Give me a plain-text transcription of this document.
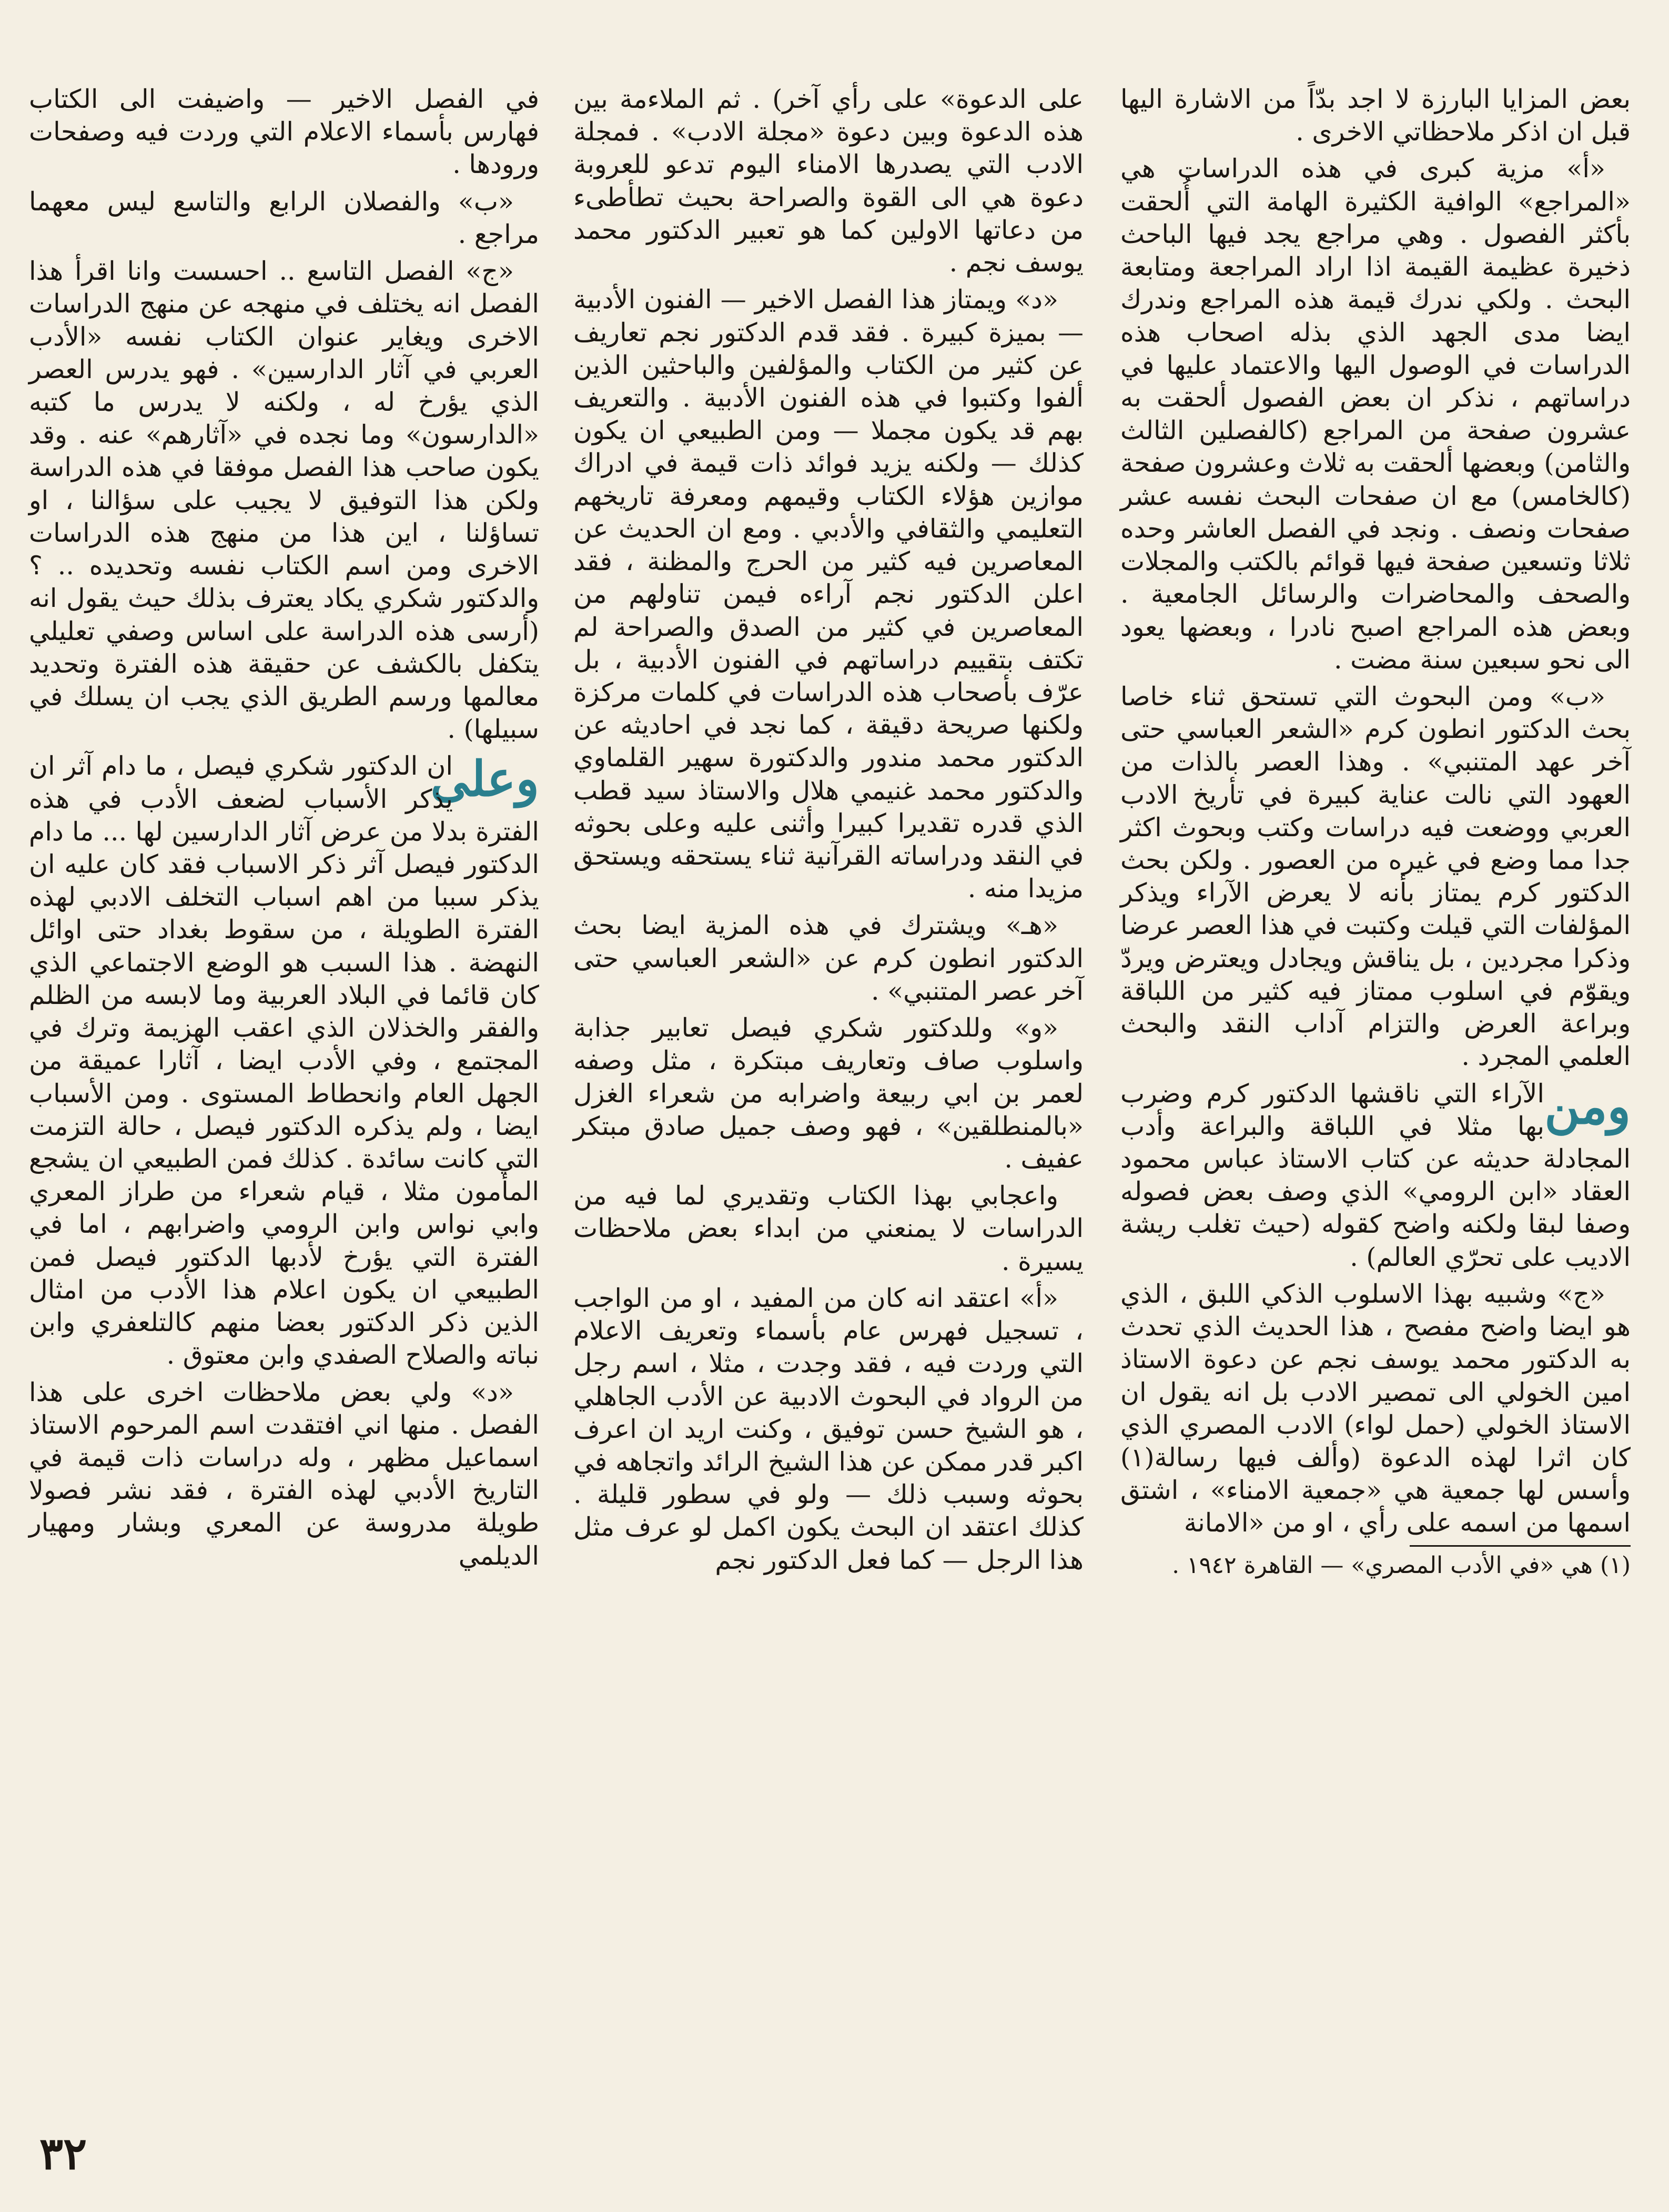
بعض المزايا البارزة لا اجد بدّاً من الاشارة اليها قبل ان اذكر ملاحظاتي الاخرى .

«أ» مزية كبرى في هذه الدراسات هي «المراجع» الوافية الكثيرة الهامة التي أُلحقت بأكثر الفصول . وهي مراجع يجد فيها الباحث ذخيرة عظيمة القيمة اذا اراد المراجعة ومتابعة البحث . ولكي ندرك قيمة هذه المراجع وندرك ايضا مدى الجهد الذي بذله اصحاب هذه الدراسات في الوصول اليها والاعتماد عليها في دراساتهم ، نذكر ان بعض الفصول ألحقت به عشرون صفحة من المراجع (كالفصلين الثالث والثامن) وبعضها ألحقت به ثلاث وعشرون صفحة (كالخامس) مع ان صفحات البحث نفسه عشر صفحات ونصف . ونجد في الفصل العاشر وحده ثلاثا وتسعين صفحة فيها قوائم بالكتب والمجلات والصحف والمحاضرات والرسائل الجامعية . وبعض هذه المراجع اصبح نادرا ، وبعضها يعود الى نحو سبعين سنة مضت .

«ب» ومن البحوث التي تستحق ثناء خاصا بحث الدكتور انطون كرم «الشعر العباسي حتى آخر عهد المتنبي» . وهذا العصر بالذات من العهود التي نالت عناية كبيرة في تأريخ الادب العربي ووضعت فيه دراسات وكتب وبحوث اكثر جدا مما وضع في غيره من العصور . ولكن بحث الدكتور كرم يمتاز بأنه لا يعرض الآراء ويذكر المؤلفات التي قيلت وكتبت في هذا العصر عرضا وذكرا مجردين ، بل يناقش ويجادل ويعترض ويردّ ويقوّم في اسلوب ممتاز فيه كثير من اللباقة وبراعة العرض والتزام آداب النقد والبحث العلمي المجرد .

ومن

الآراء التي ناقشها الدكتور كرم وضرب بها مثلا في اللباقة والبراعة وأدب المجادلة حديثه عن كتاب الاستاذ عباس محمود العقاد «ابن الرومي» الذي وصف بعض فصوله وصفا لبقا ولكنه واضح كقوله (حيث تغلب ريشة الاديب على تحرّي العالم) .

«ج» وشبيه بهذا الاسلوب الذكي اللبق ، الذي هو ايضا واضح مفصح ، هذا الحديث الذي تحدث به الدكتور محمد يوسف نجم عن دعوة الاستاذ امين الخولي الى تمصير الادب بل انه يقول ان الاستاذ الخولي (حمل لواء) الادب المصري الذي كان اثرا لهذه الدعوة (وألف فيها رسالة(١) وأسس لها جمعية هي «جمعية الامناء» ، اشتق اسمها من اسمه على رأي ، او من «الامانة

(١) هي «في الأدب المصري» — القاهرة ١٩٤٢ .

على الدعوة» على رأي آخر) . ثم الملاءمة بين هذه الدعوة وبين دعوة «مجلة الادب» . فمجلة الادب التي يصدرها الامناء اليوم تدعو للعروبة دعوة هي الى القوة والصراحة بحيث تطأطىء من دعاتها الاولين كما هو تعبير الدكتور محمد يوسف نجم .

«د» ويمتاز هذا الفصل الاخير — الفنون الأدبية — بميزة كبيرة . فقد قدم الدكتور نجم تعاريف عن كثير من الكتاب والمؤلفين والباحثين الذين ألفوا وكتبوا في هذه الفنون الأدبية . والتعريف بهم قد يكون مجملا — ومن الطبيعي ان يكون كذلك — ولكنه يزيد فوائد ذات قيمة في ادراك موازين هؤلاء الكتاب وقيمهم ومعرفة تاريخهم التعليمي والثقافي والأدبي . ومع ان الحديث عن المعاصرين فيه كثير من الحرج والمظنة ، فقد اعلن الدكتور نجم آراءه فيمن تناولهم من المعاصرين في كثير من الصدق والصراحة لم تكتف بتقييم دراساتهم في الفنون الأدبية ، بل عرّف بأصحاب هذه الدراسات في كلمات مركزة ولكنها صريحة دقيقة ، كما نجد في احاديثه عن الدكتور محمد مندور والدكتورة سهير القلماوي والدكتور محمد غنيمي هلال والاستاذ سيد قطب الذي قدره تقديرا كبيرا وأثنى عليه وعلى بحوثه في النقد ودراساته القرآنية ثناء يستحقه ويستحق مزيدا منه .

«هـ» ويشترك في هذه المزية ايضا بحث الدكتور انطون كرم عن «الشعر العباسي حتى آخر عصر المتنبي» .

«و» وللدكتور شكري فيصل تعابير جذابة واسلوب صاف وتعاريف مبتكرة ، مثل وصفه لعمر بن ابي ربيعة واضرابه من شعراء الغزل «بالمنطلقين» ، فهو وصف جميل صادق مبتكر عفيف .

واعجابي بهذا الكتاب وتقديري لما فيه من الدراسات لا يمنعني من ابداء بعض ملاحظات يسيرة .

«أ» اعتقد انه كان من المفيد ، او من الواجب ، تسجيل فهرس عام بأسماء وتعريف الاعلام التي وردت فيه ، فقد وجدت ، مثلا ، اسم رجل من الرواد في البحوث الادبية عن الأدب الجاهلي ، هو الشيخ حسن توفيق ، وكنت اريد ان اعرف اكبر قدر ممكن عن هذا الشيخ الرائد واتجاهه في بحوثه وسبب ذلك — ولو في سطور قليلة . كذلك اعتقد ان البحث يكون اكمل لو عرف مثل هذا الرجل — كما فعل الدكتور نجم

في الفصل الاخير — واضيفت الى الكتاب فهارس بأسماء الاعلام التي وردت فيه وصفحات ورودها .

«ب» والفصلان الرابع والتاسع ليس معهما مراجع .

«ج» الفصل التاسع .. احسست وانا اقرأ هذا الفصل انه يختلف في منهجه عن منهج الدراسات الاخرى ويغاير عنوان الكتاب نفسه «الأدب العربي في آثار الدارسين» . فهو يدرس العصر الذي يؤرخ له ، ولكنه لا يدرس ما كتبه «الدارسون» وما نجده في «آثارهم» عنه . وقد يكون صاحب هذا الفصل موفقا في هذه الدراسة ولكن هذا التوفيق لا يجيب على سؤالنا ، او تساؤلنا ، اين هذا من منهج هذه الدراسات الاخرى ومن اسم الكتاب نفسه وتحديده .. ؟ والدكتور شكري يكاد يعترف بذلك حيث يقول انه (أرسى هذه الدراسة على اساس وصفي تعليلي يتكفل بالكشف عن حقيقة هذه الفترة وتحديد معالمها ورسم الطريق الذي يجب ان يسلك في سبيلها) .

وعلى

ان الدكتور شكري فيصل ، ما دام آثر ان يذكر الأسباب لضعف الأدب في هذه الفترة بدلا من عرض آثار الدارسين لها ... ما دام الدكتور فيصل آثر ذكر الاسباب فقد كان عليه ان يذكر سببا من اهم اسباب التخلف الادبي لهذه الفترة الطويلة ، من سقوط بغداد حتى اوائل النهضة . هذا السبب هو الوضع الاجتماعي الذي كان قائما في البلاد العربية وما لابسه من الظلم والفقر والخذلان الذي اعقب الهزيمة وترك في المجتمع ، وفي الأدب ايضا ، آثارا عميقة من الجهل العام وانحطاط المستوى . ومن الأسباب ايضا ، ولم يذكره الدكتور فيصل ، حالة التزمت التي كانت سائدة . كذلك فمن الطبيعي ان يشجع المأمون مثلا ، قيام شعراء من طراز المعري وابي نواس وابن الرومي واضرابهم ، اما في الفترة التي يؤرخ لأدبها الدكتور فيصل فمن الطبيعي ان يكون اعلام هذا الأدب من امثال الذين ذكر الدكتور بعضا منهم كالتلعفري وابن نباته والصلاح الصفدي وابن معتوق .

«د» ولي بعض ملاحظات اخرى على هذا الفصل . منها اني افتقدت اسم المرحوم الاستاذ اسماعيل مظهر ، وله دراسات ذات قيمة في التاريخ الأدبي لهذه الفترة ، فقد نشر فصولا طويلة مدروسة عن المعري وبشار ومهيار الديلمي

٣٢
